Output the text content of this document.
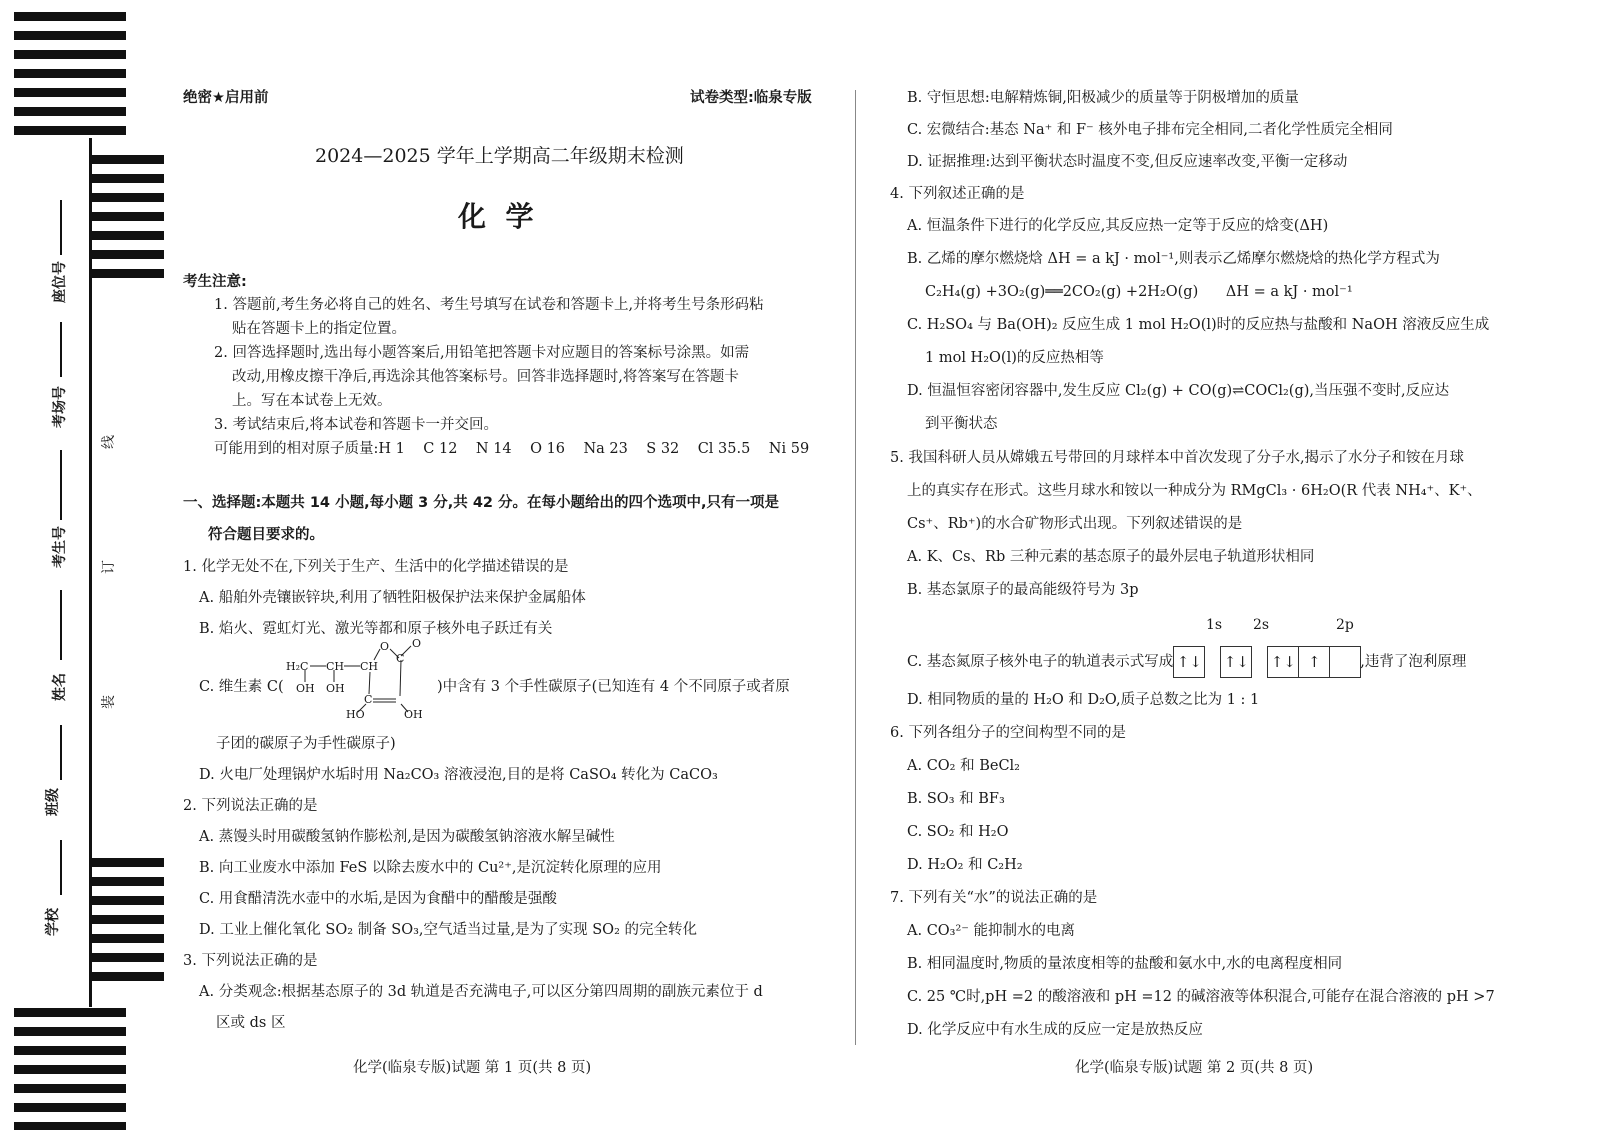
座位号
考场号
考生号
姓名
班级
学校
线
订
装
绝密★启用前	试卷类型:临泉专版
2024—2025 学年上学期高二年级期末检测
化  学
考生注意:
1. 答题前,考生务必将自己的姓名、考生号填写在试卷和答题卡上,并将考生号条形码粘
贴在答题卡上的指定位置。
2. 回答选择题时,选出每小题答案后,用铅笔把答题卡对应题目的答案标号涂黑。如需
改动,用橡皮擦干净后,再选涂其他答案标号。回答非选择题时,将答案写在答题卡
上。写在本试卷上无效。
3. 考试结束后,将本试卷和答题卡一并交回。
可能用到的相对原子质量:H 1    C 12    N 14    O 16    Na 23    S 32    Cl 35.5    Ni 59
一、选择题:本题共 14 小题,每小题 3 分,共 42 分。在每小题给出的四个选项中,只有一项是
符合题目要求的。
1. 化学无处不在,下列关于生产、生活中的化学描述错误的是
A. 船舶外壳镶嵌锌块,利用了牺牲阳极保护法来保护金属船体
B. 焰火、霓虹灯光、激光等都和原子核外电子跃迁有关
C. 维生素 C(
H₂C CH CH
O O
C
C
OH OH
HO	OH
)中含有 3 个手性碳原子(已知连有 4 个不同原子或者原
子团的碳原子为手性碳原子)
D. 火电厂处理锅炉水垢时用 Na₂CO₃ 溶液浸泡,目的是将 CaSO₄ 转化为 CaCO₃
2. 下列说法正确的是
A. 蒸馒头时用碳酸氢钠作膨松剂,是因为碳酸氢钠溶液水解呈碱性
B. 向工业废水中添加 FeS 以除去废水中的 Cu²⁺,是沉淀转化原理的应用
C. 用食醋清洗水壶中的水垢,是因为食醋中的醋酸是强酸
D. 工业上催化氧化 SO₂ 制备 SO₃,空气适当过量,是为了实现 SO₂ 的完全转化
3. 下列说法正确的是
A. 分类观念:根据基态原子的 3d 轨道是否充满电子,可以区分第四周期的副族元素位于 d
区或 ds 区
化学(临泉专版)试题 第 1 页(共 8 页)
B. 守恒思想:电解精炼铜,阳极减少的质量等于阴极增加的质量
C. 宏微结合:基态 Na⁺ 和 F⁻ 核外电子排布完全相同,二者化学性质完全相同
D. 证据推理:达到平衡状态时温度不变,但反应速率改变,平衡一定移动
4. 下列叙述正确的是
A. 恒温条件下进行的化学反应,其反应热一定等于反应的焓变(ΔH)
B. 乙烯的摩尔燃烧焓 ΔH = a kJ · mol⁻¹,则表示乙烯摩尔燃烧焓的热化学方程式为
C₂H₄(g) +3O₂(g)══2CO₂(g) +2H₂O(g)      ΔH = a kJ · mol⁻¹
C. H₂SO₄ 与 Ba(OH)₂ 反应生成 1 mol H₂O(l)时的反应热与盐酸和 NaOH 溶液反应生成
1 mol H₂O(l)的反应热相等
D. 恒温恒容密闭容器中,发生反应 Cl₂(g) + CO(g)⇌COCl₂(g),当压强不变时,反应达
到平衡状态
5. 我国科研人员从嫦娥五号带回的月球样本中首次发现了分子水,揭示了水分子和铵在月球
上的真实存在形式。这些月球水和铵以一种成分为 RMgCl₃ · 6H₂O(R 代表 NH₄⁺、K⁺、
Cs⁺、Rb⁺)的水合矿物形式出现。下列叙述错误的是
A. K、Cs、Rb 三种元素的基态原子的最外层电子轨道形状相同
B. 基态氯原子的最高能级符号为 3p
1s 2s	2p
C. 基态氮原子核外电子的轨道表示式写成 ↑↓ ↑↓ ↑↓ ↑	,违背了泡利原理
D. 相同物质的量的 H₂O 和 D₂O,质子总数之比为 1 : 1
6. 下列各组分子的空间构型不同的是
A. CO₂ 和 BeCl₂
B. SO₃ 和 BF₃
C. SO₂ 和 H₂O
D. H₂O₂ 和 C₂H₂
7. 下列有关“水”的说法正确的是
A. CO₃²⁻ 能抑制水的电离
B. 相同温度时,物质的量浓度相等的盐酸和氨水中,水的电离程度相同
C. 25 ℃时,pH =2 的酸溶液和 pH =12 的碱溶液等体积混合,可能存在混合溶液的 pH >7
D. 化学反应中有水生成的反应一定是放热反应
化学(临泉专版)试题 第 2 页(共 8 页)
